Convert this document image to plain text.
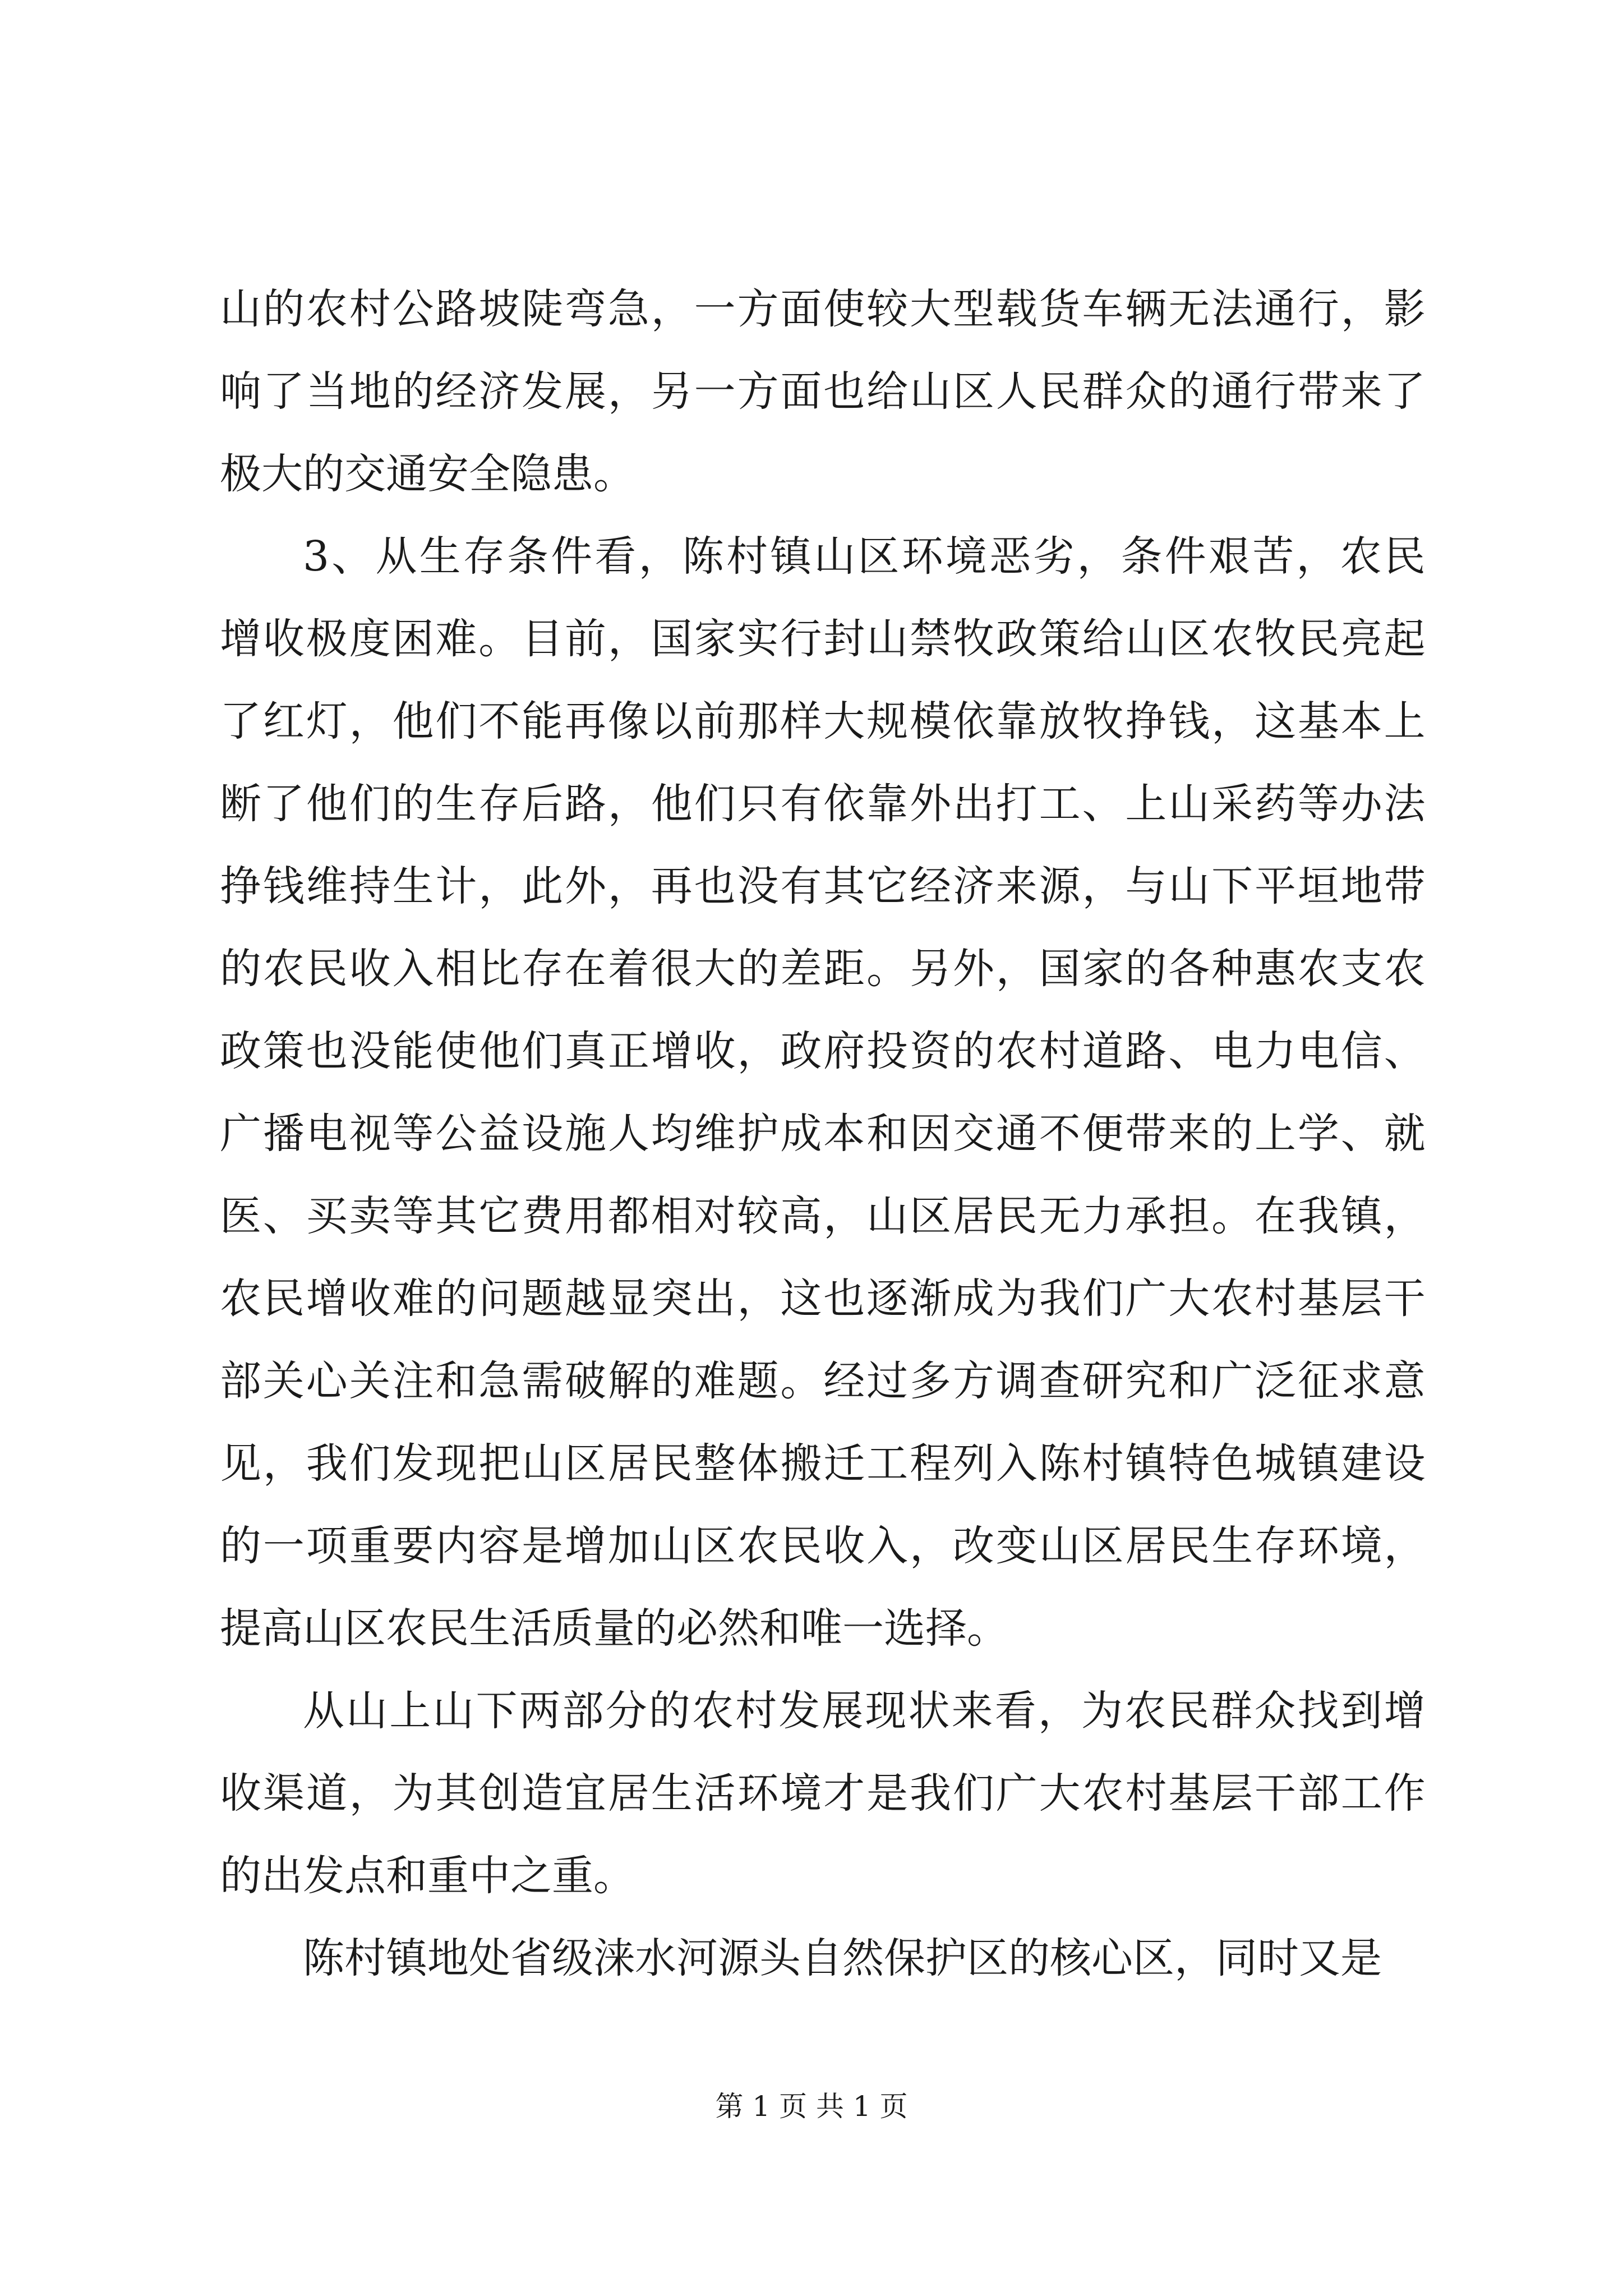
山 的 农 村 公 路 坡 陡 弯 急 ， 一 方 面 使 较 大 型 载 货 车 辆 无 法 通 行 ， 影
响 了 当 地 的 经 济 发 展 ， 另 一 方 面 也 给 山 区 人 民 群 众 的 通 行 带 来 了
极大的交通安全隐患。
3 、 从 生 存 条 件 看 ， 陈 村 镇 山 区 环 境 恶 劣 ， 条 件 艰 苦 ， 农 民
增 收 极 度 困 难 。 目 前 ， 国 家 实 行 封 山 禁 牧 政 策 给 山 区 农 牧 民 亮 起
了 红 灯 ， 他 们 不 能 再 像 以 前 那 样 大 规 模 依 靠 放 牧 挣 钱 ， 这 基 本 上
断 了 他 们 的 生 存 后 路 ， 他 们 只 有 依 靠 外 出 打 工 、 上 山 采 药 等 办 法
挣 钱 维 持 生 计 ， 此 外 ， 再 也 没 有 其 它 经 济 来 源 ， 与 山 下 平 垣 地 带
的 农 民 收 入 相 比 存 在 着 很 大 的 差 距 。 另 外 ， 国 家 的 各 种 惠 农 支 农
政 策 也 没 能 使 他 们 真 正 增 收 ， 政 府 投 资 的 农 村 道 路 、 电 力 电 信 、
广 播 电 视 等 公 益 设 施 人 均 维 护 成 本 和 因 交 通 不 便 带 来 的 上 学 、 就
医 、 买 卖 等 其 它 费 用 都 相 对 较 高 ， 山 区 居 民 无 力 承 担 。 在 我 镇 ，
农 民 增 收 难 的 问 题 越 显 突 出 ， 这 也 逐 渐 成 为 我 们 广 大 农 村 基 层 干
部 关 心 关 注 和 急 需 破 解 的 难 题 。 经 过 多 方 调 查 研 究 和 广 泛 征 求 意
见 ， 我 们 发 现 把 山 区 居 民 整 体 搬 迁 工 程 列 入 陈 村 镇 特 色 城 镇 建 设
的 一 项 重 要 内 容 是 增 加 山 区 农 民 收 入 ， 改 变 山 区 居 民 生 存 环 境 ，
提高山区农民生活质量的必然和唯一选择。
从 山 上 山 下 两 部 分 的 农 村 发 展 现 状 来 看 ， 为 农 民 群 众 找 到 增
收 渠 道 ， 为 其 创 造 宜 居 生 活 环 境 才 是 我 们 广 大 农 村 基 层 干 部 工 作
的出发点和重中之重。
陈村镇地处省级涞水河源头自然保护区的核心区，同时又是
第 1 页 共 1 页
